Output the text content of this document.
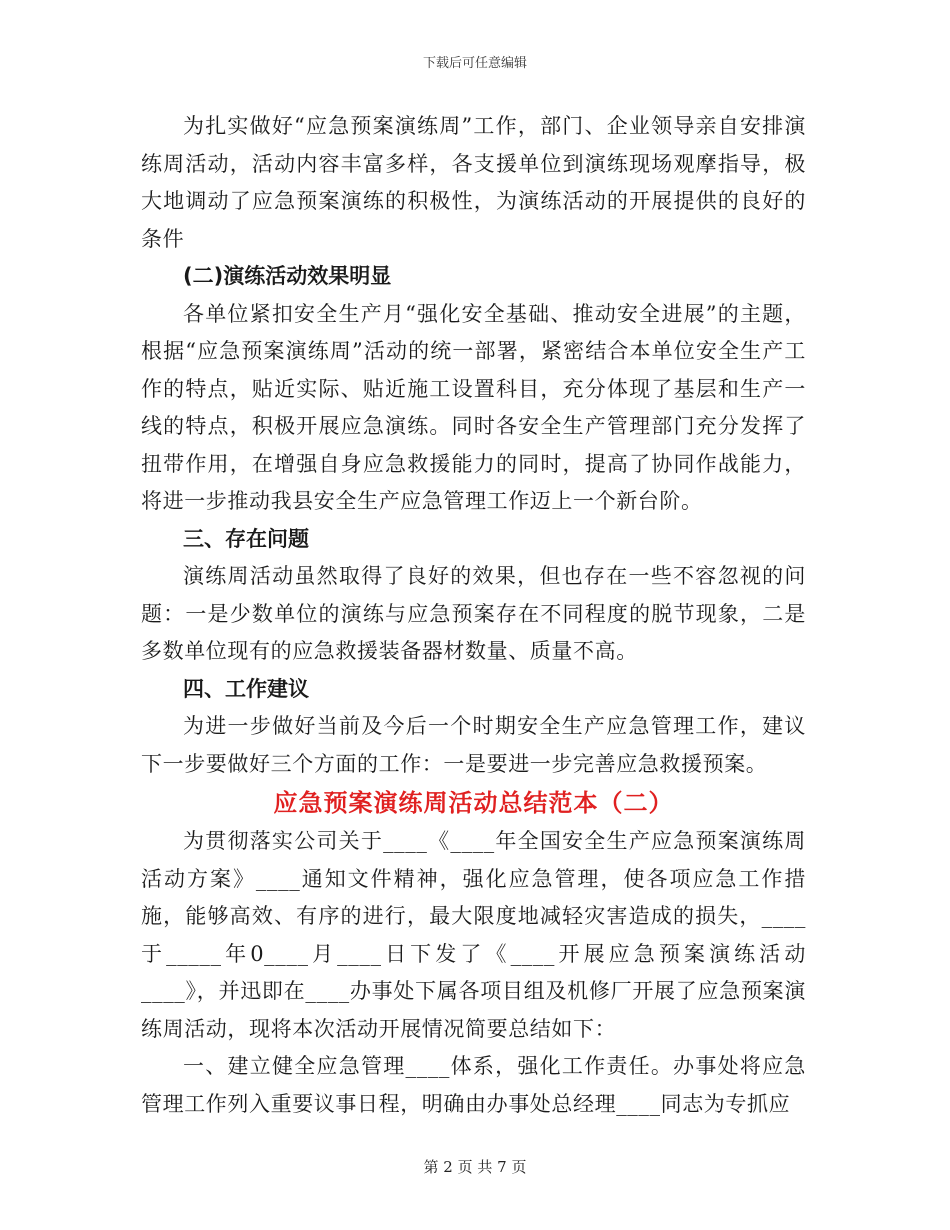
下载后可任意编辑

为扎实做好“应急预案演练周”工作，部门、企业领导亲自安排演练周活动，活动内容丰富多样，各支援单位到演练现场观摩指导，极大地调动了应急预案演练的积极性，为演练活动的开展提供的良好的条件

(二)演练活动效果明显

各单位紧扣安全生产月“强化安全基础、推动安全进展”的主题，根据“应急预案演练周”活动的统一部署，紧密结合本单位安全生产工作的特点，贴近实际、贴近施工设置科目，充分体现了基层和生产一线的特点，积极开展应急演练。同时各安全生产管理部门充分发挥了扭带作用，在增强自身应急救援能力的同时，提高了协同作战能力，将进一步推动我县安全生产应急管理工作迈上一个新台阶。

三、存在问题

演练周活动虽然取得了良好的效果，但也存在一些不容忽视的问题：一是少数单位的演练与应急预案存在不同程度的脱节现象，二是多数单位现有的应急救援装备器材数量、质量不高。

四、工作建议

为进一步做好当前及今后一个时期安全生产应急管理工作，建议下一步要做好三个方面的工作：一是要进一步完善应急救援预案。

应急预案演练周活动总结范本（二）

为贯彻落实公司关于____《____年全国安全生产应急预案演练周活动方案》____通知文件精神，强化应急管理，使各项应急工作措施，能够高效、有序的进行，最大限度地减轻灾害造成的损失，____于_____年0____月____日下发了《____开展应急预案演练活动____》，并迅即在____办事处下属各项目组及机修厂开展了应急预案演练周活动，现将本次活动开展情况简要总结如下：

一、建立健全应急管理____体系，强化工作责任。办事处将应急管理工作列入重要议事日程，明确由办事处总经理____同志为专抓应

第 2 页 共 7 页
